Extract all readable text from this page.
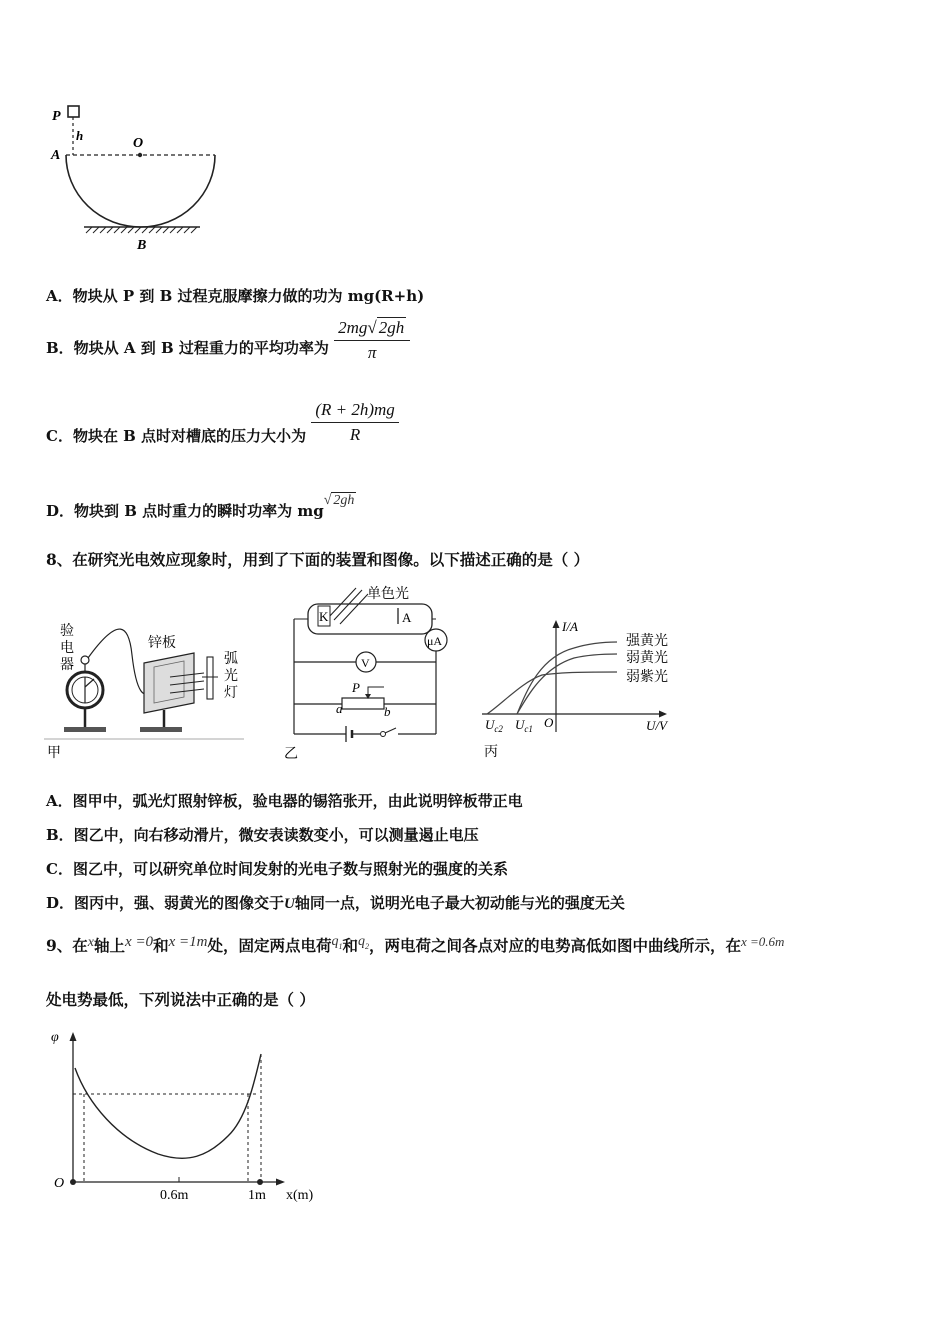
P
h
O
A
B
A．物块从 P 到 B 过程克服摩擦力做的功为 mg(R+h)
B．物块从 A 到 B 过程重力的平均功率为 $\frac{2mg√ 2gh}{\pi}$
C．物块在 B 点时对槽底的压力大小为 $\frac{(R + 2h)mg}{R}$
D．物块到 B 点时重力的瞬时功率为 mg√ 2gh
8、在研究光电效应现象时，用到了下面的装置和图像。以下描述正确的是（ ）
验
电
器
锌板
弧
光
灯
甲
单色光
K	A
μA
V
P
a	b
乙
I/A
U/V
O
强黄光
弱黄光
弱紫光
$U_{c2}$ $U_{c1}$
丙
A．图甲中，弧光灯照射锌板，验电器的锡箔张开，由此说明锌板带正电
B．图乙中，向右移动滑片，微安表读数变小，可以测量遏止电压
C．图乙中，可以研究单位时间发射的光电子数与照射光的强度的关系
D．图丙中，强、弱黄光的图像交于U轴同一点，说明光电子最大初动能与光的强度无关
9、在x轴上x =0和x =1m处，固定两点电荷$q_1$和$q_2$，两电荷之间各点对应的电势高低如图中曲线所示，在$^{x =0.6m}$
处电势最低，下列说法中正确的是（ ）
φ
O
0.6m	1m x(m)
